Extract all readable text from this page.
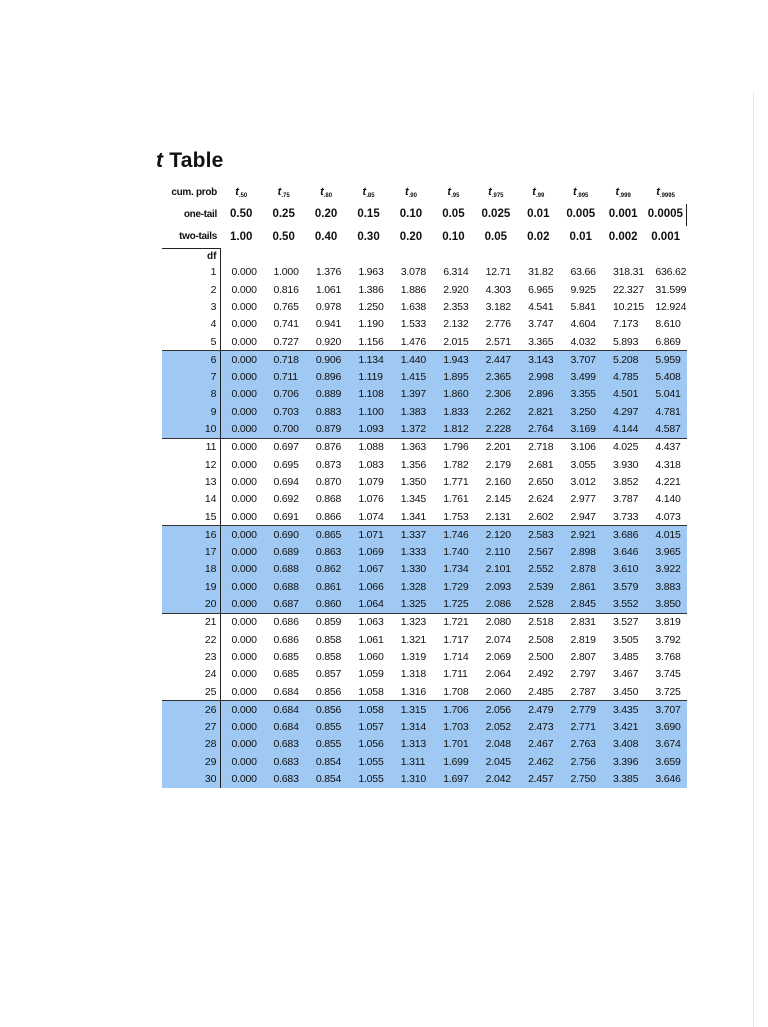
t Table
cum. prob	$t_{.50}$	$t_{.75}$	$t_{.80}$	$t_{.85}$	$t_{.90}$	$t_{.95}$	$t_{.975}$	$t_{.99}$	$t_{.995}$	$t_{.999}$	$t_{.9995}$
one-tail	0.50	0.25	0.20	0.15	0.10	0.05	0.025	0.01	0.005	0.001	0.0005
two-tails	1.00	0.50	0.40	0.30	0.20	0.10	0.05	0.02	0.01	0.002	0.001
df											
1	0.000	1.000	1.376	1.963	3.078	6.314	12.71	31.82	63.66	318.31	636.62
2	0.000	0.816	1.061	1.386	1.886	2.920	4.303	6.965	9.925	22.327	31.599
3	0.000	0.765	0.978	1.250	1.638	2.353	3.182	4.541	5.841	10.215	12.924
4	0.000	0.741	0.941	1.190	1.533	2.132	2.776	3.747	4.604	7.173	8.610
5	0.000	0.727	0.920	1.156	1.476	2.015	2.571	3.365	4.032	5.893	6.869
6	0.000	0.718	0.906	1.134	1.440	1.943	2.447	3.143	3.707	5.208	5.959
7	0.000	0.711	0.896	1.119	1.415	1.895	2.365	2.998	3.499	4.785	5.408
8	0.000	0.706	0.889	1.108	1.397	1.860	2.306	2.896	3.355	4.501	5.041
9	0.000	0.703	0.883	1.100	1.383	1.833	2.262	2.821	3.250	4.297	4.781
10	0.000	0.700	0.879	1.093	1.372	1.812	2.228	2.764	3.169	4.144	4.587
11	0.000	0.697	0.876	1.088	1.363	1.796	2.201	2.718	3.106	4.025	4.437
12	0.000	0.695	0.873	1.083	1.356	1.782	2.179	2.681	3.055	3.930	4.318
13	0.000	0.694	0.870	1.079	1.350	1.771	2.160	2.650	3.012	3.852	4.221
14	0.000	0.692	0.868	1.076	1.345	1.761	2.145	2.624	2.977	3.787	4.140
15	0.000	0.691	0.866	1.074	1.341	1.753	2.131	2.602	2.947	3.733	4.073
16	0.000	0.690	0.865	1.071	1.337	1.746	2.120	2.583	2.921	3.686	4.015
17	0.000	0.689	0.863	1.069	1.333	1.740	2.110	2.567	2.898	3.646	3.965
18	0.000	0.688	0.862	1.067	1.330	1.734	2.101	2.552	2.878	3.610	3.922
19	0.000	0.688	0.861	1.066	1.328	1.729	2.093	2.539	2.861	3.579	3.883
20	0.000	0.687	0.860	1.064	1.325	1.725	2.086	2.528	2.845	3.552	3.850
21	0.000	0.686	0.859	1.063	1.323	1.721	2.080	2.518	2.831	3.527	3.819
22	0.000	0.686	0.858	1.061	1.321	1.717	2.074	2.508	2.819	3.505	3.792
23	0.000	0.685	0.858	1.060	1.319	1.714	2.069	2.500	2.807	3.485	3.768
24	0.000	0.685	0.857	1.059	1.318	1.711	2.064	2.492	2.797	3.467	3.745
25	0.000	0.684	0.856	1.058	1.316	1.708	2.060	2.485	2.787	3.450	3.725
26	0.000	0.684	0.856	1.058	1.315	1.706	2.056	2.479	2.779	3.435	3.707
27	0.000	0.684	0.855	1.057	1.314	1.703	2.052	2.473	2.771	3.421	3.690
28	0.000	0.683	0.855	1.056	1.313	1.701	2.048	2.467	2.763	3.408	3.674
29	0.000	0.683	0.854	1.055	1.311	1.699	2.045	2.462	2.756	3.396	3.659
30	0.000	0.683	0.854	1.055	1.310	1.697	2.042	2.457	2.750	3.385	3.646
